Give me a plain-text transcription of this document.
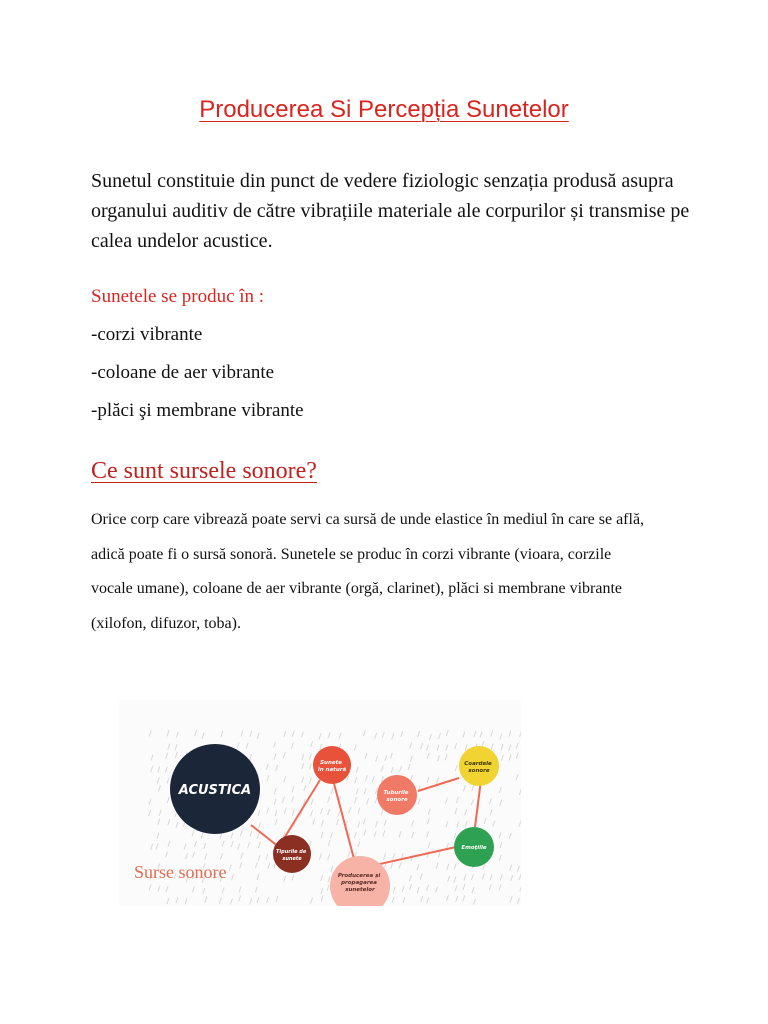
Producerea Si Percepția Sunetelor

Sunetul constituie din punct de vedere fiziologic senzația produsă asupra organului auditiv de către vibrațiile materiale ale corpurilor și transmise pe calea undelor acustice.

Sunetele se produc în :

-corzi vibrante
-coloane de aer vibrante
-plăci şi membrane vibrante
Ce sunt sursele sonore?

Orice corp care vibrează poate servi ca sursă de unde elastice în mediul în care se află, adică poate fi o sursă sonoră. Sunetele se produc în corzi vibrante (vioara, corzile vocale umane), coloane de aer vibrante (orgă, clarinet), plăci si membrane vibrante (xilofon, difuzor, toba).

ACUSTICA
Sunete în natură
Tuburile sonore
Coardele sonore
Tipurile de sunete
Emoţiile
Producerea și propagarea sunetelor
Surse sonore
